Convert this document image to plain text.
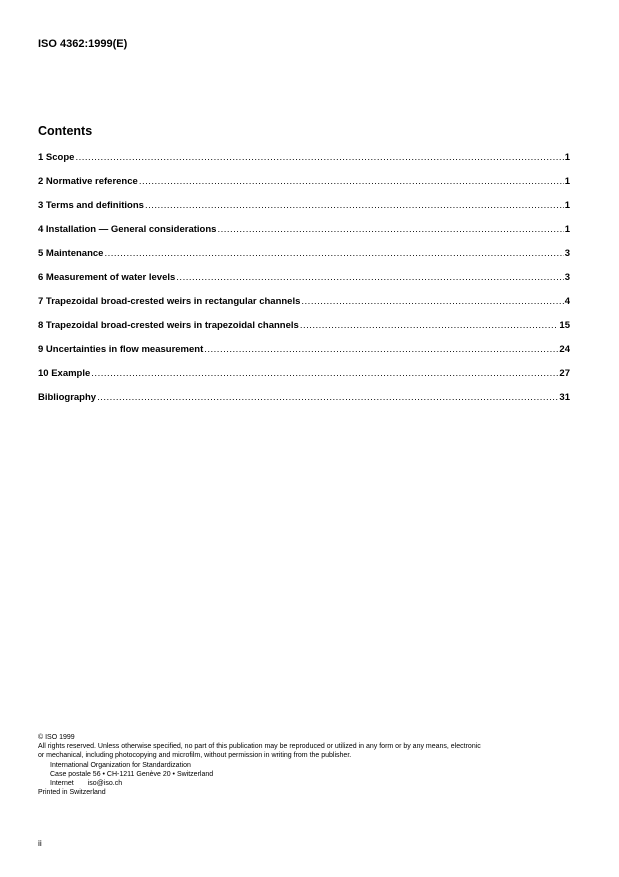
ISO 4362:1999(E)
Contents
1 Scope .....	1
2 Normative reference .....	1
3 Terms and definitions .....	1
4 Installation — General considerations .....	1
5 Maintenance .....	3
6 Measurement of water levels .....	3
7 Trapezoidal broad-crested weirs in rectangular channels .....	4
8 Trapezoidal broad-crested weirs in trapezoidal channels .....	15
9 Uncertainties in flow measurement .....	24
10 Example .....	27
Bibliography .....	31
© ISO 1999
All rights reserved. Unless otherwise specified, no part of this publication may be reproduced or utilized in any form or by any means, electronic
or mechanical, including photocopying and microfilm, without permission in writing from the publisher.
International Organization for Standardization
Case postale 56 • CH-1211 Genève 20 • Switzerland
Internet iso@iso.ch
Printed in Switzerland
ii
